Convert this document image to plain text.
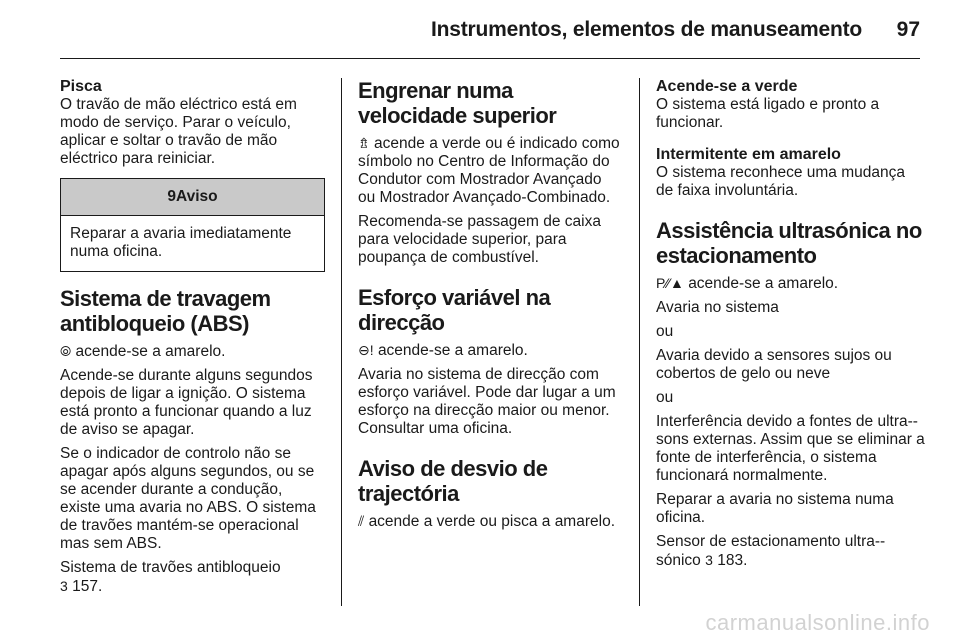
Instrumentos, elementos de manuseamento 97
Pisca
O travão de mão eléctrico está em modo de serviço. Parar o veículo, aplicar e soltar o travão de mão eléctrico para reiniciar.
9Aviso
Reparar a avaria imediatamente numa oficina.
Sistema de travagem antibloqueio (ABS)
⦾ acende-se a amarelo.
Acende-se durante alguns segundos depois de ligar a ignição. O sistema está pronto a funcionar quando a luz de aviso se apagar.
Se o indicador de controlo não se apagar após alguns segundos, ou se se acender durante a condução, existe uma avaria no ABS. O sistema de travões mantém-se operacional mas sem ABS.
Sistema de travões antibloqueio
3 157.
Engrenar numa velocidade superior
⇯ acende a verde ou é indicado como símbolo no Centro de Informação do Condutor com Mostrador Avançado ou Mostrador Avançado-Combinado.
Recomenda-se passagem de caixa para velocidade superior, para poupança de combustível.
Esforço variável na direcção
⊖! acende-se a amarelo.
Avaria no sistema de direcção com esforço variável. Pode dar lugar a um esforço na direcção maior ou menor. Consultar uma oficina.
Aviso de desvio de trajectória
⫽ acende a verde ou pisca a amarelo.
Acende-se a verde
O sistema está ligado e pronto a funcionar.
Intermitente em amarelo
O sistema reconhece uma mudança de faixa involuntária.
Assistência ultrasónica no estacionamento
P⁄⁄▲ acende-se a amarelo.
Avaria no sistema
ou
Avaria devido a sensores sujos ou cobertos de gelo ou neve
ou
Interferência devido a fontes de ultra--sons externas. Assim que se eliminar a fonte de interferência, o sistema funcionará normalmente.
Reparar a avaria no sistema numa oficina.
Sensor de estacionamento ultra--sónico 3 183.
carmanualsonline.info
